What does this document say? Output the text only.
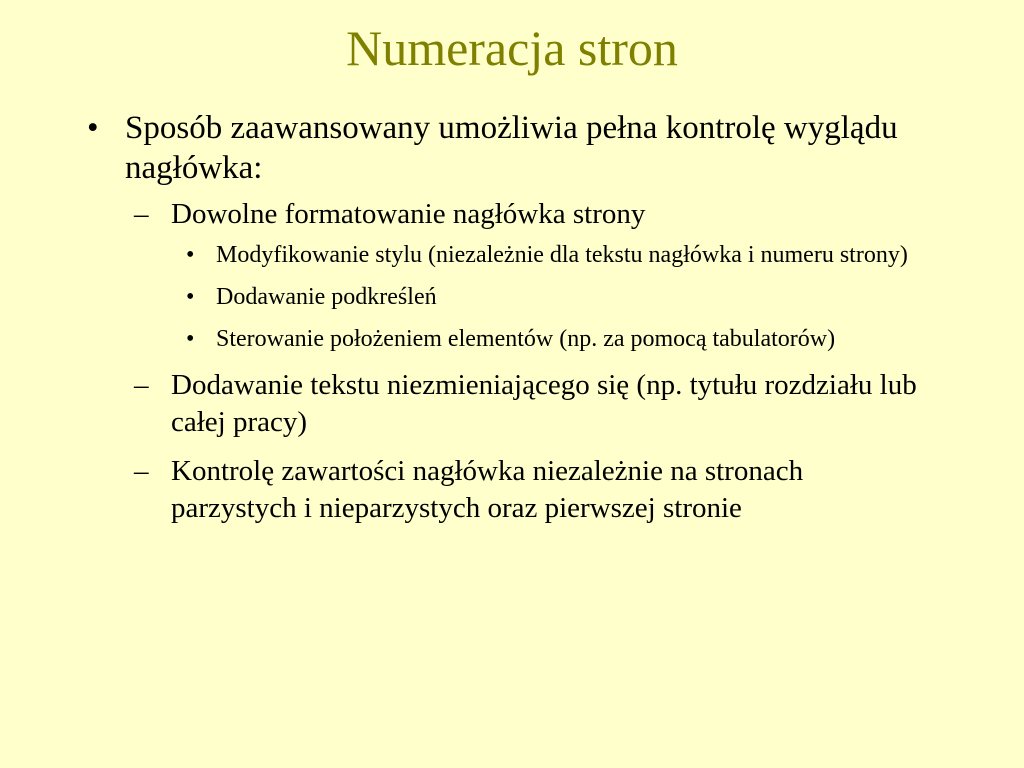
Numeracja stron
• Sposób zaawansowany umożliwia pełna kontrolę wyglądu nagłówka:
– Dowolne formatowanie nagłówka strony
• Modyfikowanie stylu (niezależnie dla tekstu nagłówka i numeru strony)
• Dodawanie podkreśleń
• Sterowanie położeniem elementów (np. za pomocą tabulatorów)
– Dodawanie tekstu niezmieniającego się (np. tytułu rozdziału lub całej pracy)
– Kontrolę zawartości nagłówka niezależnie na stronach parzystych i nieparzystych oraz pierwszej stronie
